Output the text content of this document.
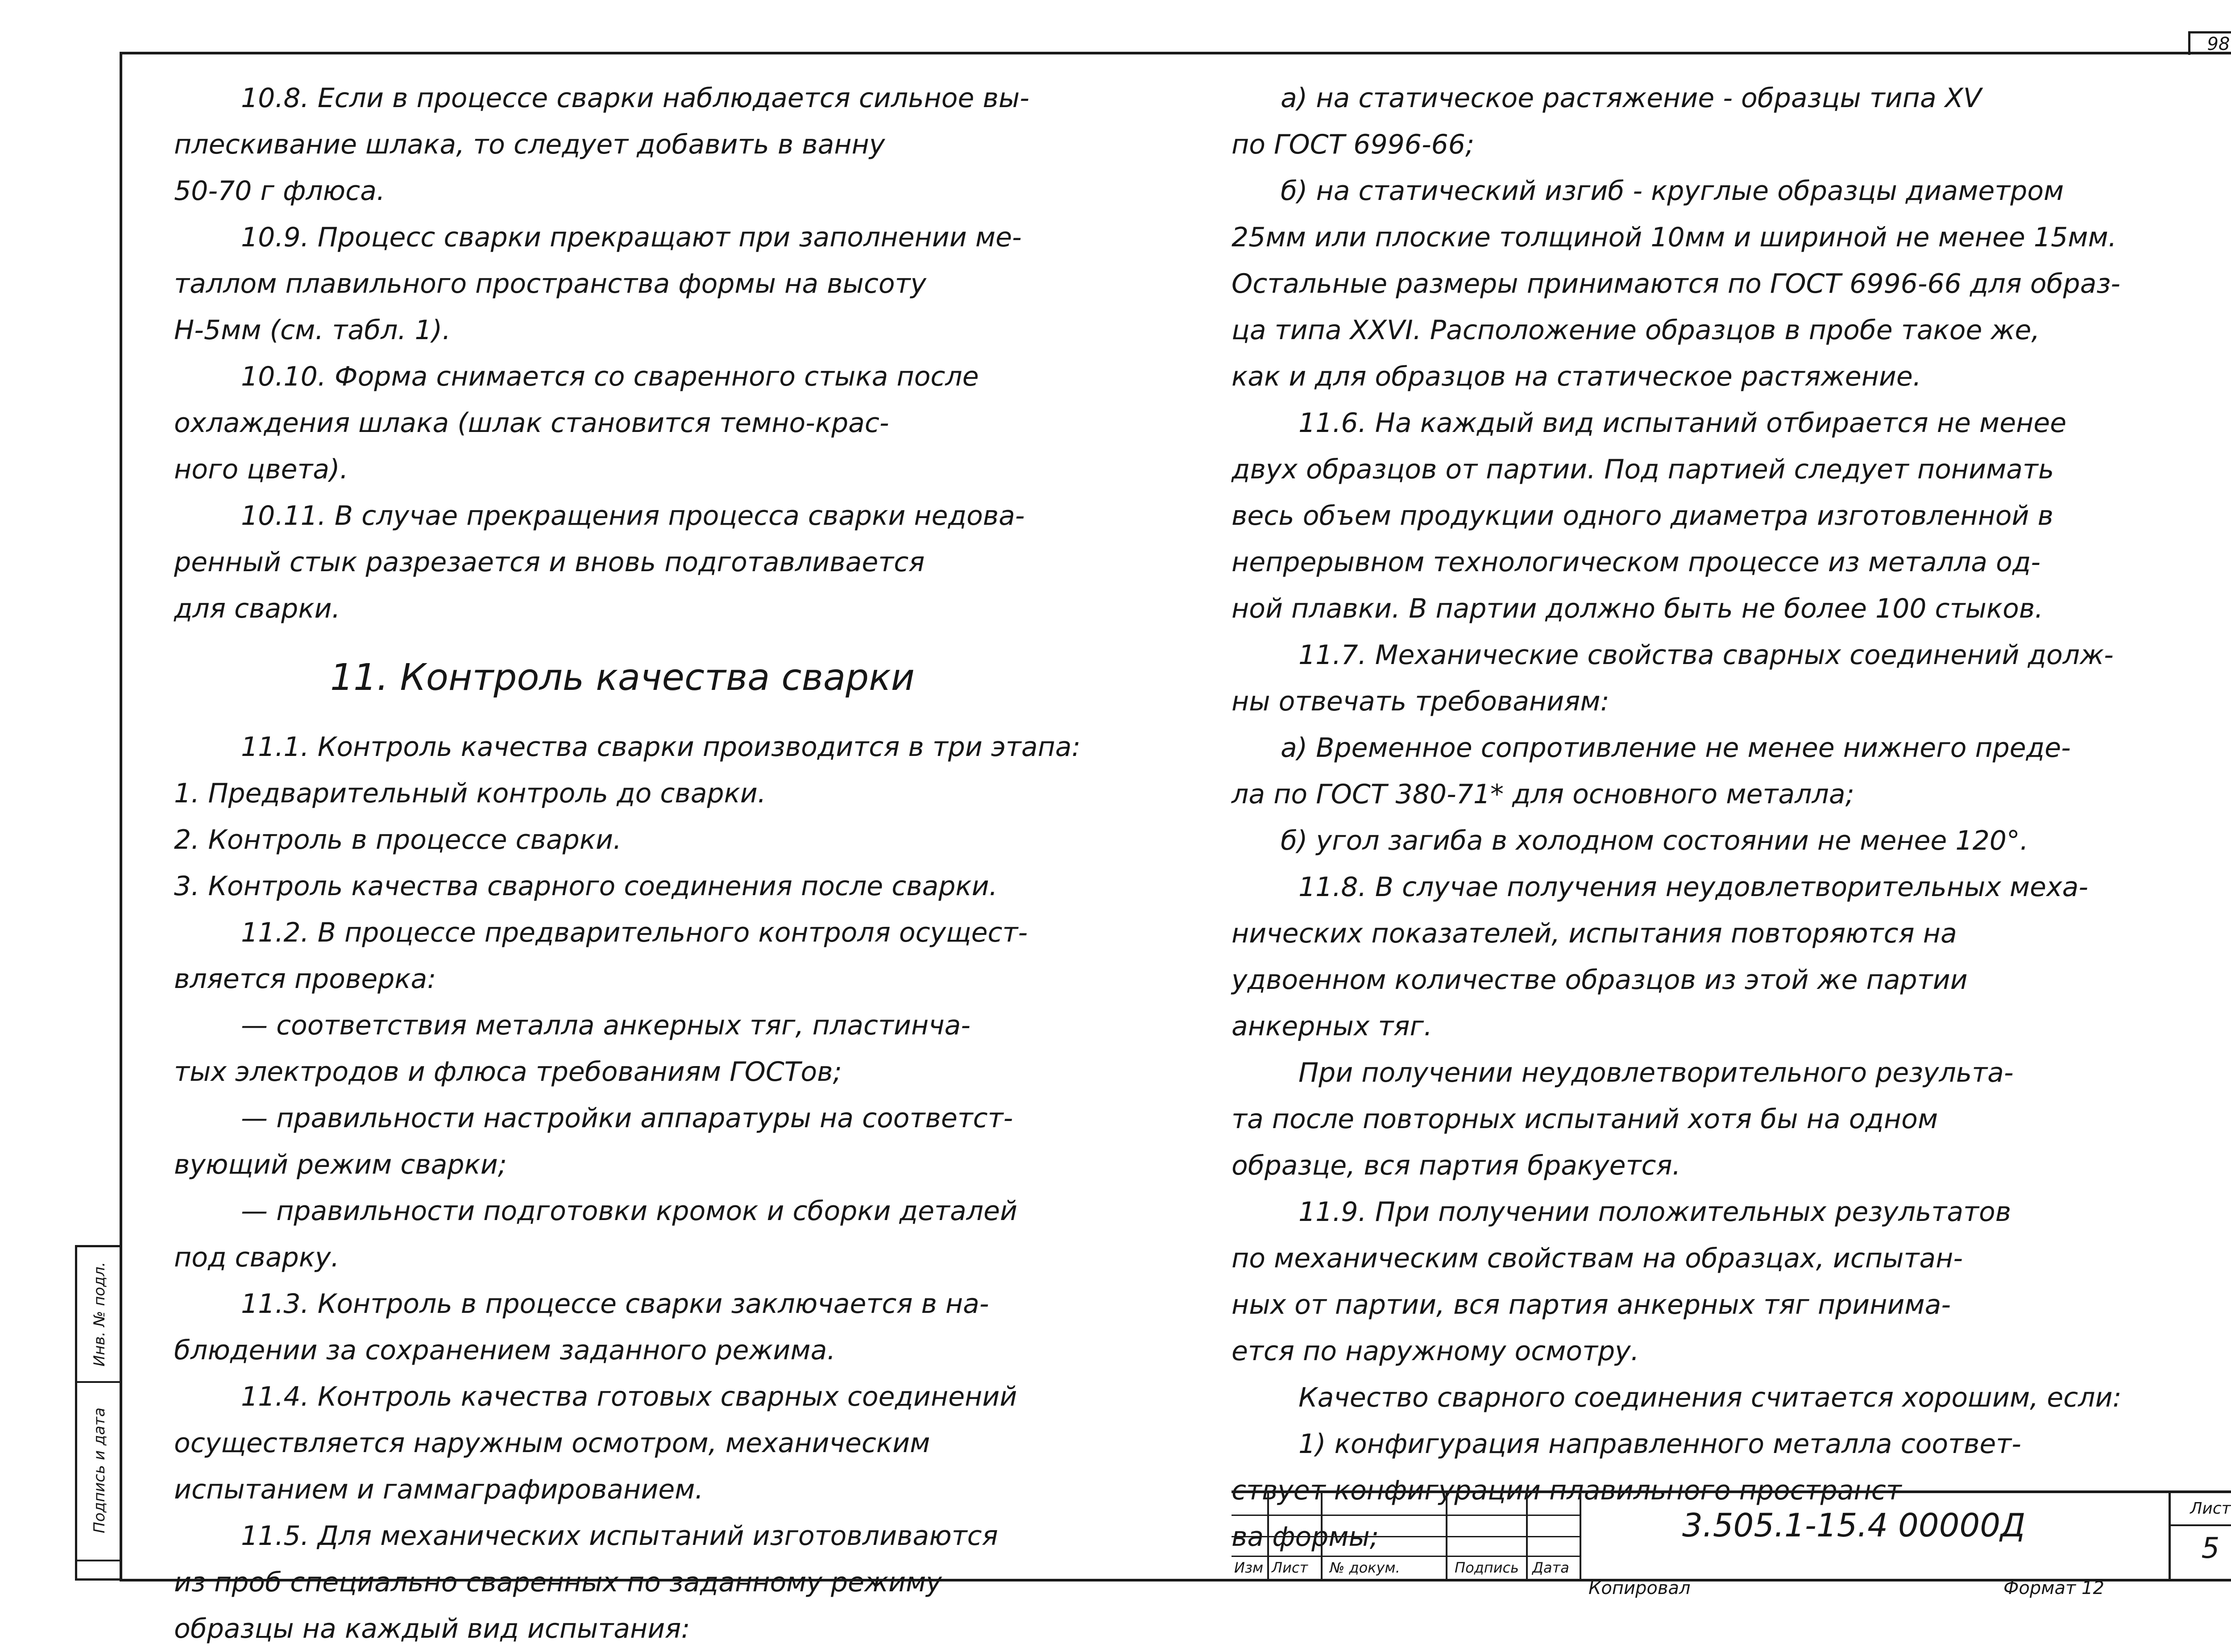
98
10.8. Если в процессе сварки наблюдается сильное вы-
плескивание шлака, то следует добавить в ванну
50-70 г флюса.
10.9. Процесс сварки прекращают при заполнении ме-
таллом плавильного пространства формы на высоту
Н-5мм (см. табл. 1).
10.10. Форма снимается со сваренного стыка после
охлаждения шлака (шлак становится темно-крас-
ного цвета).
10.11. В случае прекращения процесса сварки недова-
ренный стык разрезается и вновь подготавливается
для сварки.
11. Контроль качества сварки
11.1. Контроль качества сварки производится в три этапа:
1. Предварительный контроль до сварки.
2. Контроль в процессе сварки.
3. Контроль качества сварного соединения после сварки.
11.2. В процессе предварительного контроля осущест-
вляется проверка:
— соответствия металла анкерных тяг, пластинча-
тых электродов и флюса требованиям ГОСТов;
— правильности настройки аппаратуры на соответст-
вующий режим сварки;
— правильности подготовки кромок и сборки деталей
под сварку.
11.3. Контроль в процессе сварки заключается в на-
блюдении за сохранением заданного режима.
11.4. Контроль качества готовых сварных соединений
осуществляется наружным осмотром, механическим
испытанием и гаммаграфированием.
11.5. Для механических испытаний изготовливаются
из проб специально сваренных по заданному режиму
образцы на каждый вид испытания:
а) на статическое растяжение - образцы типа XV
по ГОСТ 6996-66;
б) на статический изгиб - круглые образцы диаметром
25мм или плоские толщиной 10мм и шириной не менее 15мм.
Остальные размеры принимаются по ГОСТ 6996-66 для образ-
ца типа XXVI. Расположение образцов в пробе такое же,
как и для образцов на статическое растяжение.
11.6. На каждый вид испытаний отбирается не менее
двух образцов от партии. Под партией следует понимать
весь объем продукции одного диаметра изготовленной в
непрерывном технологическом процессе из металла од-
ной плавки. В партии должно быть не более 100 стыков.
11.7. Механические свойства сварных соединений долж-
ны отвечать требованиям:
а) Временное сопротивление не менее нижнего преде-
ла по ГОСТ 380-71* для основного металла;
б) угол загиба в холодном состоянии не менее 120°.
11.8. В случае получения неудовлетворительных меха-
нических показателей, испытания повторяются на
удвоенном количестве образцов из этой же партии
анкерных тяг.
При получении неудовлетворительного результа-
та после повторных испытаний хотя бы на одном
образце, вся партия бракуется.
11.9. При получении положительных результатов
по механическим свойствам на образцах, испытан-
ных от партии, вся партия анкерных тяг принима-
ется по наружному осмотру.
Качество сварного соединения считается хорошим, если:
1) конфигурация направленного металла соответ-
ствует конфигурации плавильного пространст-
ва формы;
Инв. № подл.
Подпись и дата
Изм Лист № докум.	Подпись Дата
3.505.1-15.4 00000Д	Лист
5
Копировал	Формат 12
